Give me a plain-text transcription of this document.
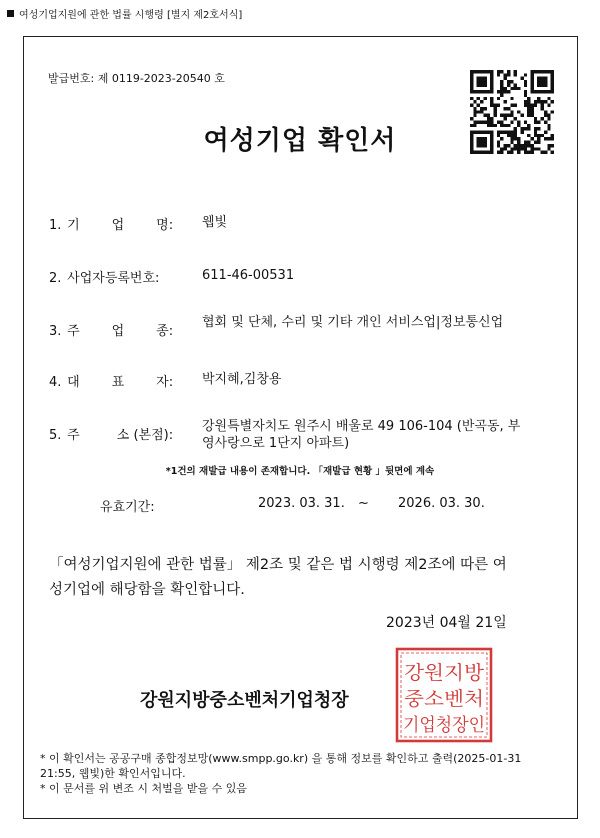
여성기업지원에 관한 법률 시행령 [별지 제2호서식]
발급번호: 제 0119-2023-20540 호
여성기업 확인서
1. 기 업 명: 웹빛
2. 사업자등록번호:	611-46-00531
3. 주 업 종:
협회 및 단체, 수리 및 기타 개인 서비스업|정보통신업
4. 대 표 자: 박지혜,김창용
5. 주	소 (본점):
강원특별자치도 원주시 배울로 49 106-104 (반곡동, 부영사랑으로 1단지 아파트)
*1건의 재발급 내용이 존재합니다. 「재발급 현황 」뒷면에 계속
유효기간:	2023. 03. 31. ~ 2026. 03. 30.
「여성기업지원에 관한 법률」 제2조 및 같은 법 시행령 제2조에 따른 여성기업에 해당함을 확인합니다.
2023년 04월 21일
강원지방중소벤처기업청장
강원지방
중소벤처
기업청장인
* 이 확인서는 공공구매 종합정보망(www.smpp.go.kr) 을 통해 정보를 확인하고 출력(2025-01-31 21:55, 웹빛)한 확인서입니다.
* 이 문서를 위 변조 시 처벌을 받을 수 있음
